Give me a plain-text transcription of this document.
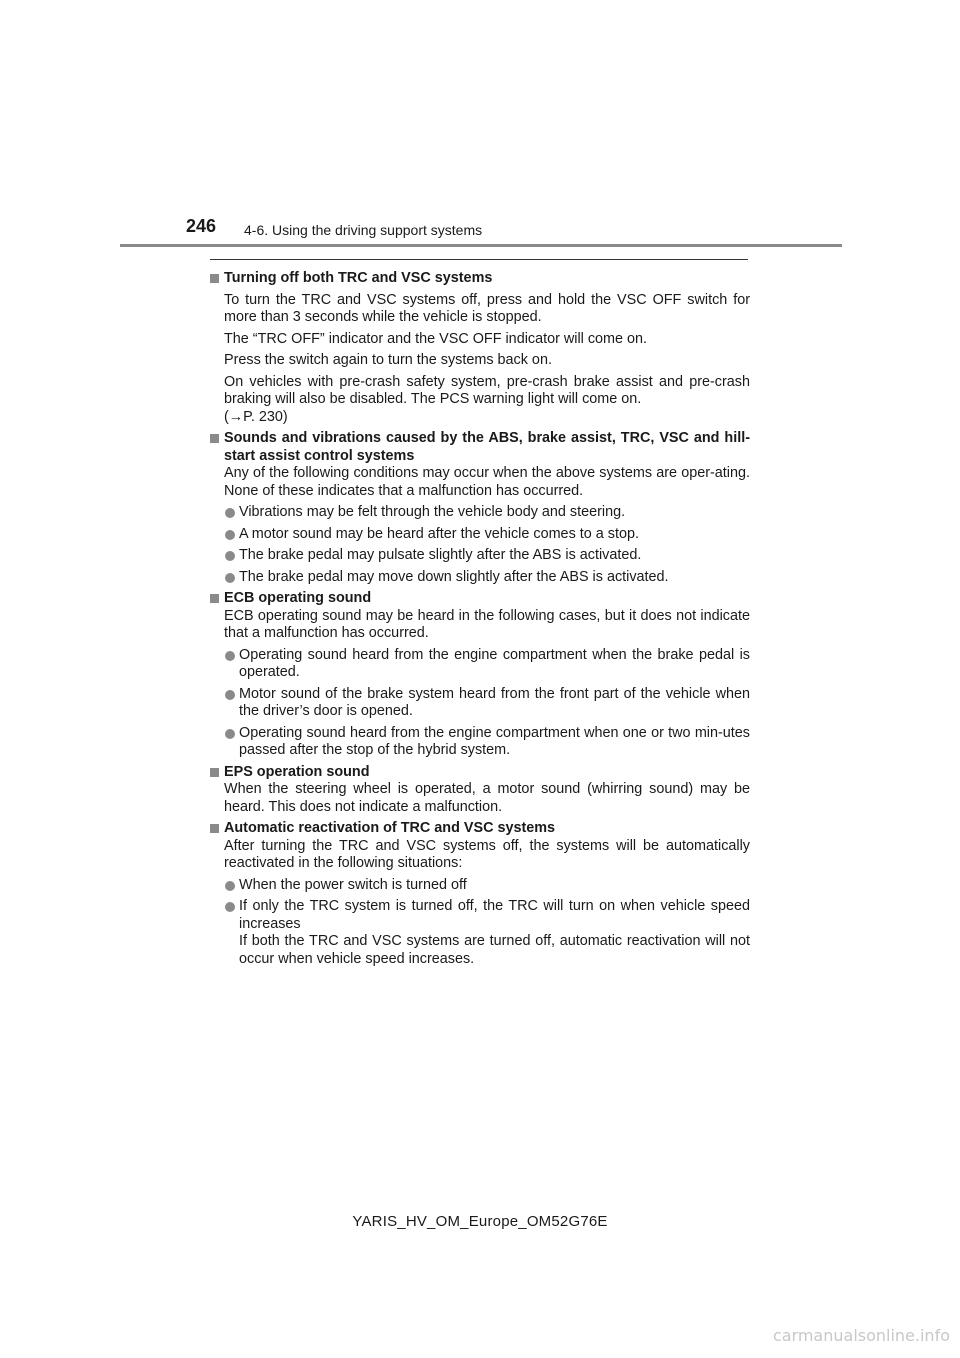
246 4-6. Using the driving support systems
Turning off both TRC and VSC systems
To turn the TRC and VSC systems off, press and hold the VSC OFF switch for more than 3 seconds while the vehicle is stopped.
The “TRC OFF” indicator and the VSC OFF indicator will come on.
Press the switch again to turn the systems back on.
On vehicles with pre-crash safety system, pre-crash brake assist and pre-crash braking will also be disabled. The PCS warning light will come on.
(→P. 230)
Sounds and vibrations caused by the ABS, brake assist, TRC, VSC and hill-start assist control systems
Any of the following conditions may occur when the above systems are oper-ating. None of these indicates that a malfunction has occurred.
Vibrations may be felt through the vehicle body and steering.
A motor sound may be heard after the vehicle comes to a stop.
The brake pedal may pulsate slightly after the ABS is activated.
The brake pedal may move down slightly after the ABS is activated.
ECB operating sound
ECB operating sound may be heard in the following cases, but it does not indicate that a malfunction has occurred.
Operating sound heard from the engine compartment when the brake pedal is operated.
Motor sound of the brake system heard from the front part of the vehicle when the driver’s door is opened.
Operating sound heard from the engine compartment when one or two min-utes passed after the stop of the hybrid system.
EPS operation sound
When the steering wheel is operated, a motor sound (whirring sound) may be heard. This does not indicate a malfunction.
Automatic reactivation of TRC and VSC systems
After turning the TRC and VSC systems off, the systems will be automatically reactivated in the following situations:
When the power switch is turned off
If only the TRC system is turned off, the TRC will turn on when vehicle speed increases
If both the TRC and VSC systems are turned off, automatic reactivation will not occur when vehicle speed increases.
YARIS_HV_OM_Europe_OM52G76E
carmanualsonline.info
